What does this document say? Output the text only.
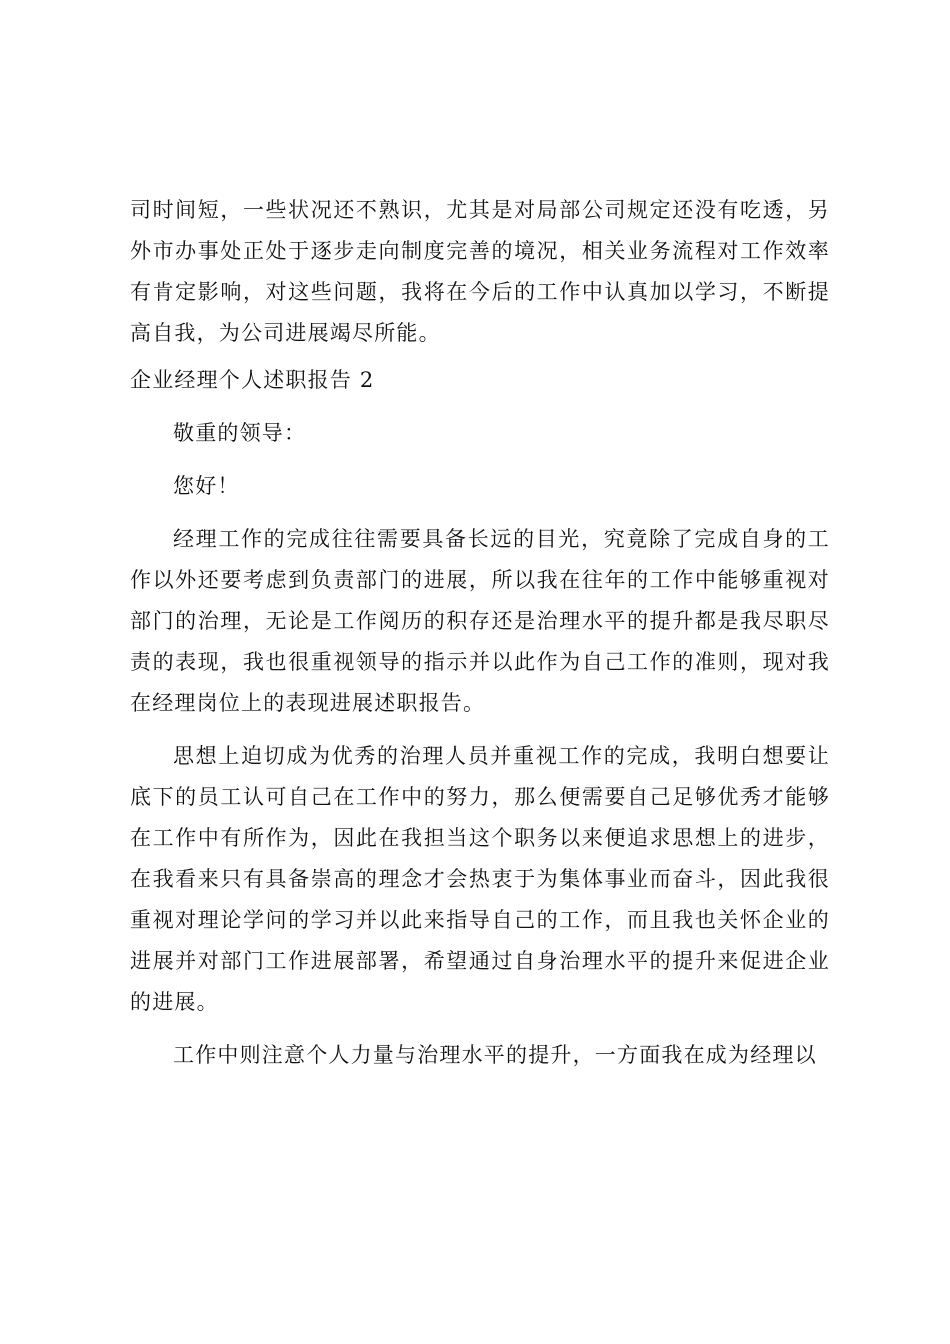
司时间短，一些状况还不熟识，尤其是对局部公司规定还没有吃透，另外市办事处正处于逐步走向制度完善的境况，相关业务流程对工作效率有肯定影响，对这些问题，我将在今后的工作中认真加以学习，不断提高自我，为公司进展竭尽所能。

企业经理个人述职报告 2

敬重的领导：

您好！

经理工作的完成往往需要具备长远的目光，究竟除了完成自身的工作以外还要考虑到负责部门的进展，所以我在往年的工作中能够重视对部门的治理，无论是工作阅历的积存还是治理水平的提升都是我尽职尽责的表现，我也很重视领导的指示并以此作为自己工作的准则，现对我在经理岗位上的表现进展述职报告。

思想上迫切成为优秀的治理人员并重视工作的完成，我明白想要让底下的员工认可自己在工作中的努力，那么便需要自己足够优秀才能够在工作中有所作为，因此在我担当这个职务以来便追求思想上的进步，在我看来只有具备崇高的理念才会热衷于为集体事业而奋斗，因此我很重视对理论学问的学习并以此来指导自己的工作，而且我也关怀企业的进展并对部门工作进展部署，希望通过自身治理水平的提升来促进企业的进展。

工作中则注意个人力量与治理水平的提升，一方面我在成为经理以
